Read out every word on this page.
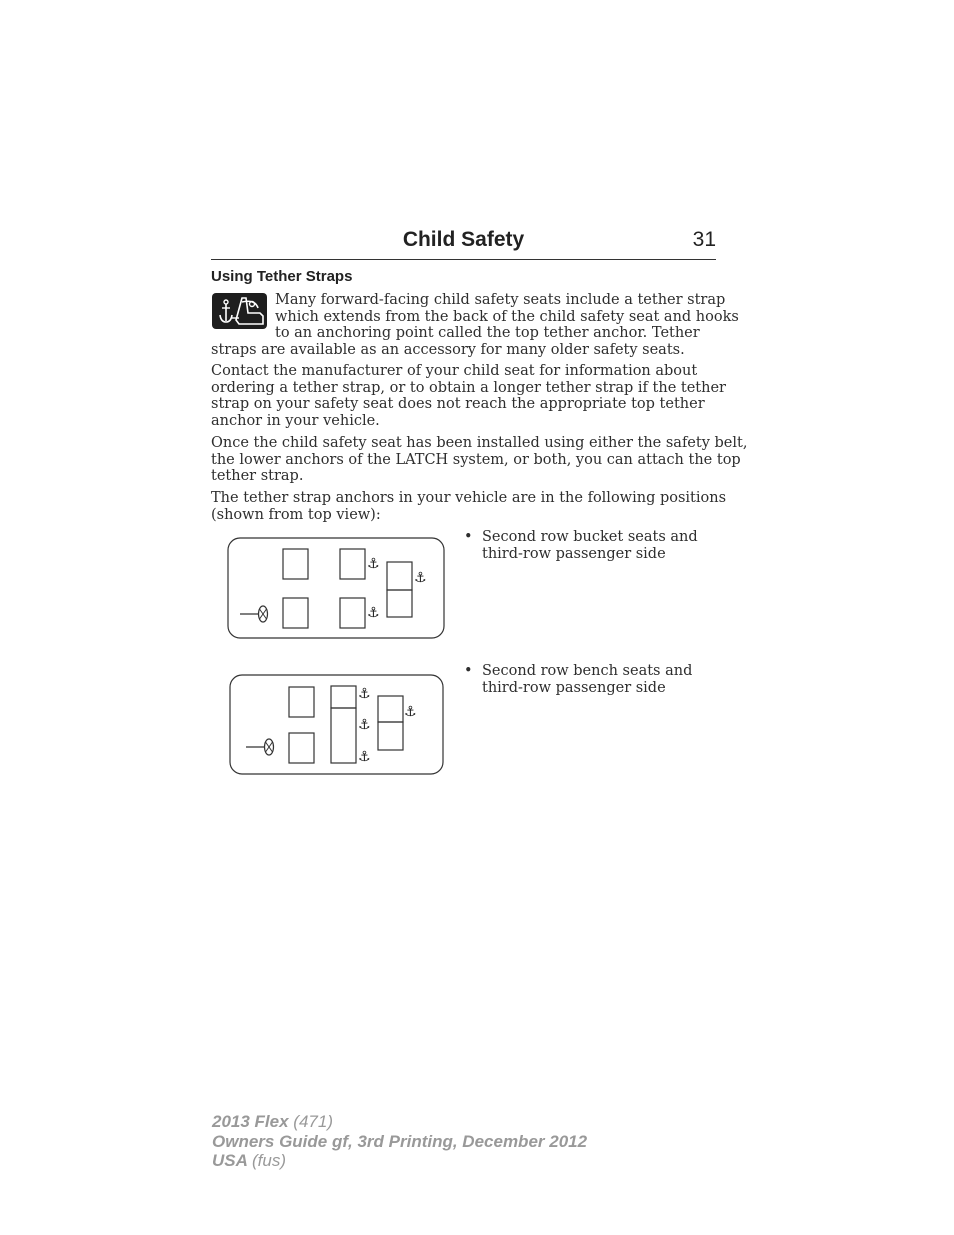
Child Safety	31
Using Tether Straps
Many forward-facing child safety seats include a tether strap
which extends from the back of the child safety seat and hooks
to an anchoring point called the top tether anchor. Tether
straps are available as an accessory for many older safety seats.
Contact the manufacturer of your child seat for information about
ordering a tether strap, or to obtain a longer tether strap if the tether
strap on your safety seat does not reach the appropriate top tether
anchor in your vehicle.
Once the child safety seat has been installed using either the safety belt,
the lower anchors of the LATCH system, or both, you can attach the top
tether strap.
The tether strap anchors in your vehicle are in the following positions
(shown from top view):
⚓
⚓
⚓
• Second row bucket seats and
third-row passenger side
⚓
⚓
⚓
⚓
• Second row bench seats and
third-row passenger side
2013 Flex (471)
Owners Guide gf, 3rd Printing, December 2012
USA (fus)
